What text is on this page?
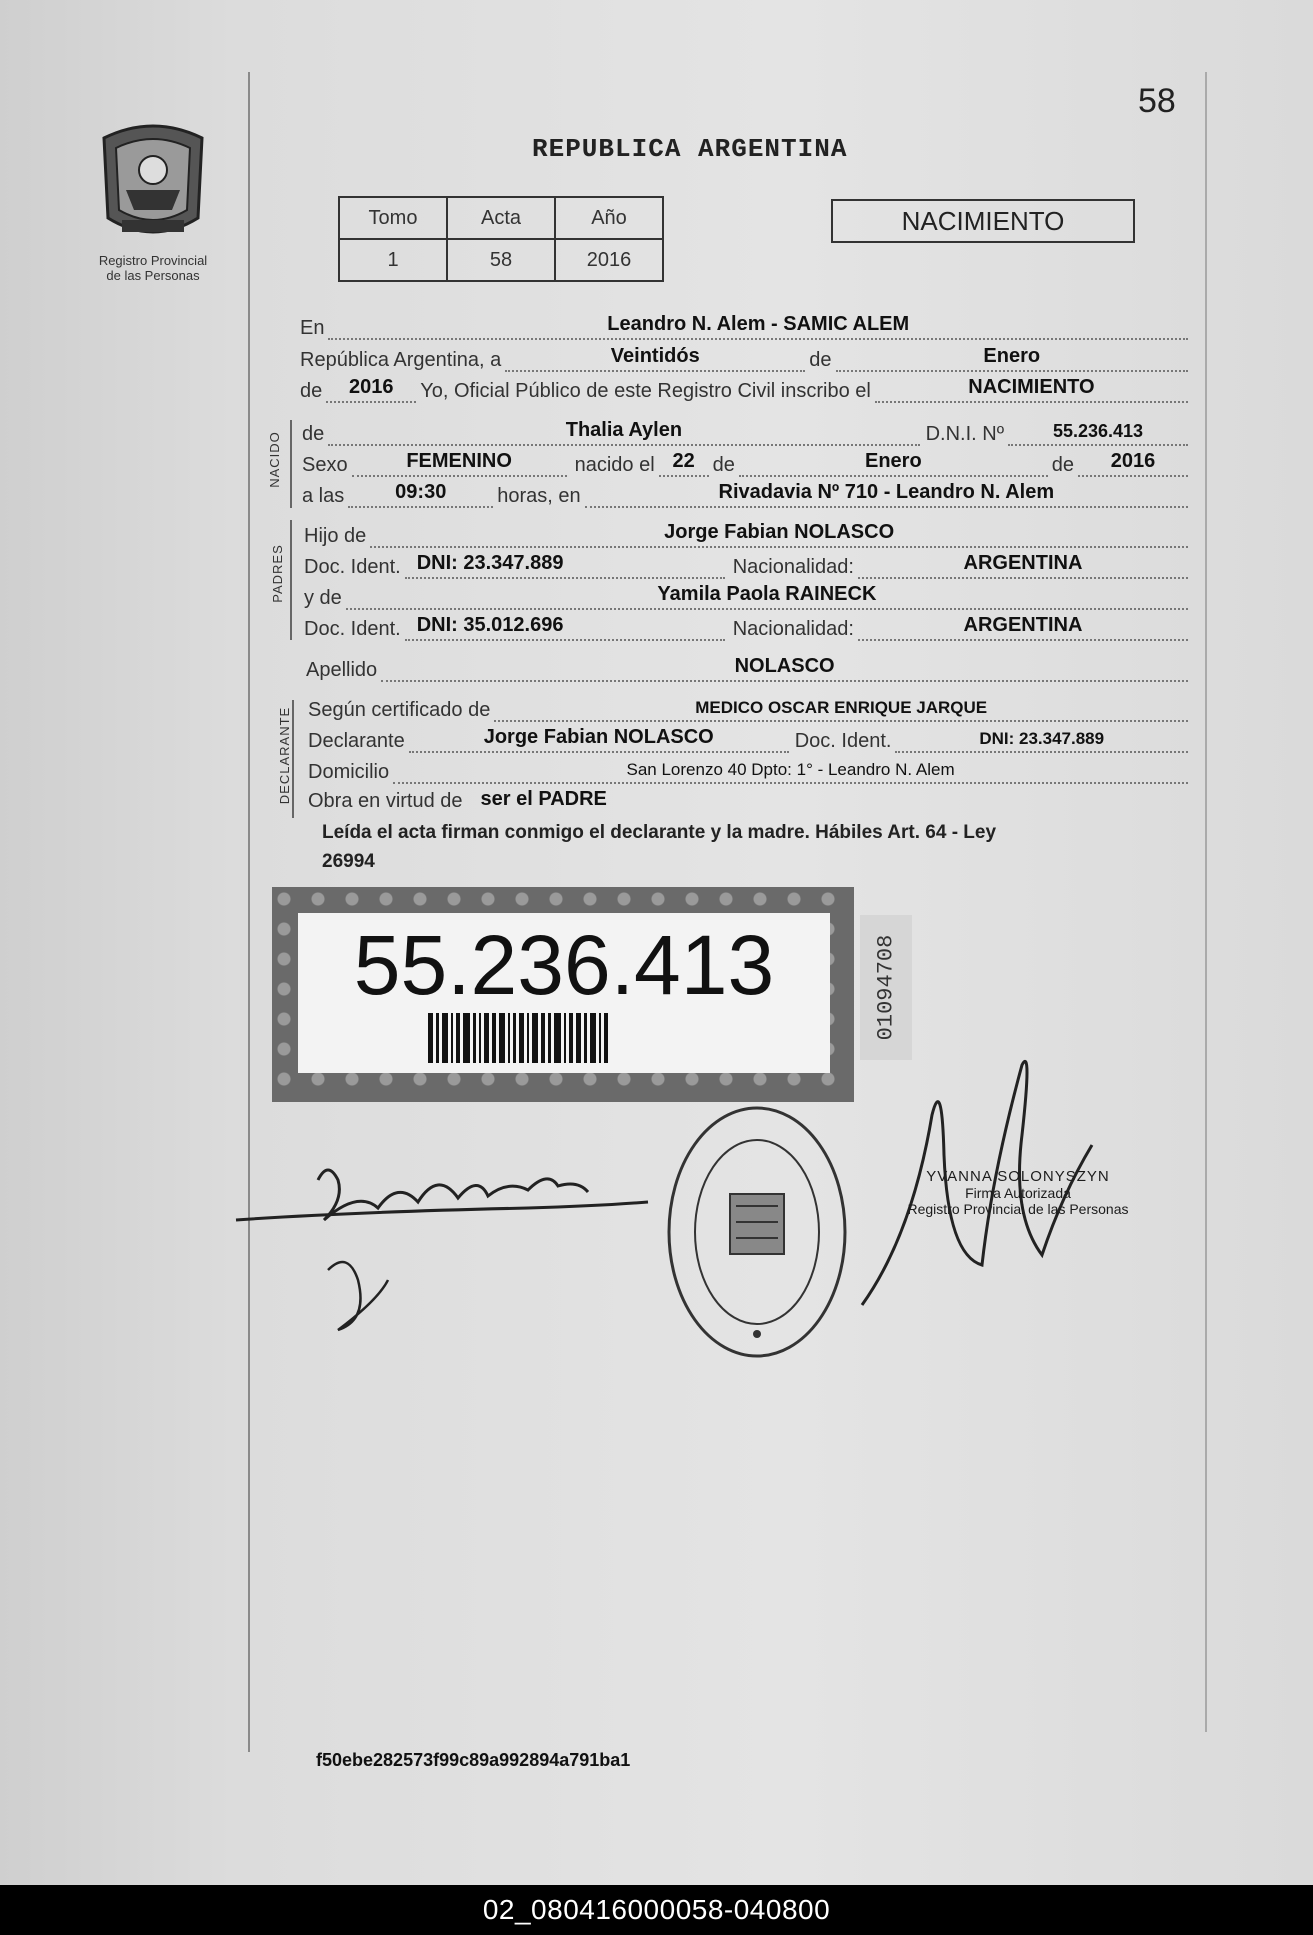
58
Registro Provincial
de las Personas
REPUBLICA ARGENTINA
Tomo	Acta	Año
1	58	2016
NACIMIENTO
En	Leandro N. Alem - SAMIC ALEM
República Argentina, a	Veintidós	de	Enero
de	2016	Yo, Oficial Público de este Registro Civil inscribo el	NACIMIENTO
NACIDO de	Thalia Aylen	D.N.I. Nº	55.236.413
Sexo	FEMENINO	nacido el 22 de	Enero	de	2016
a las	09:30	horas, en	Rivadavia Nº 710 - Leandro N. Alem
PADRES
Hijo de	Jorge Fabian NOLASCO
Doc. Ident. DNI: 23.347.889	Nacionalidad:	ARGENTINA
y de	Yamila Paola RAINECK
Doc. Ident. DNI: 35.012.696	Nacionalidad:	ARGENTINA
Apellido	NOLASCO
DECLARANTE Según certificado de	MEDICO OSCAR ENRIQUE JARQUE
Declarante	Jorge Fabian NOLASCO	Doc. Ident.	DNI: 23.347.889
Domicilio	San Lorenzo 40 Dpto: 1° - Leandro N. Alem
Obra en virtud de ser el PADRE
Leída el acta firman conmigo el declarante y la madre. Hábiles Art. 64 - Ley
26994
55.236.413	01094708
YVANNA SOLONYSZYN
Firma Autorizada
Registro Provincial de las Personas
f50ebe282573f99c89a992894a791ba1
02_080416000058-040800
